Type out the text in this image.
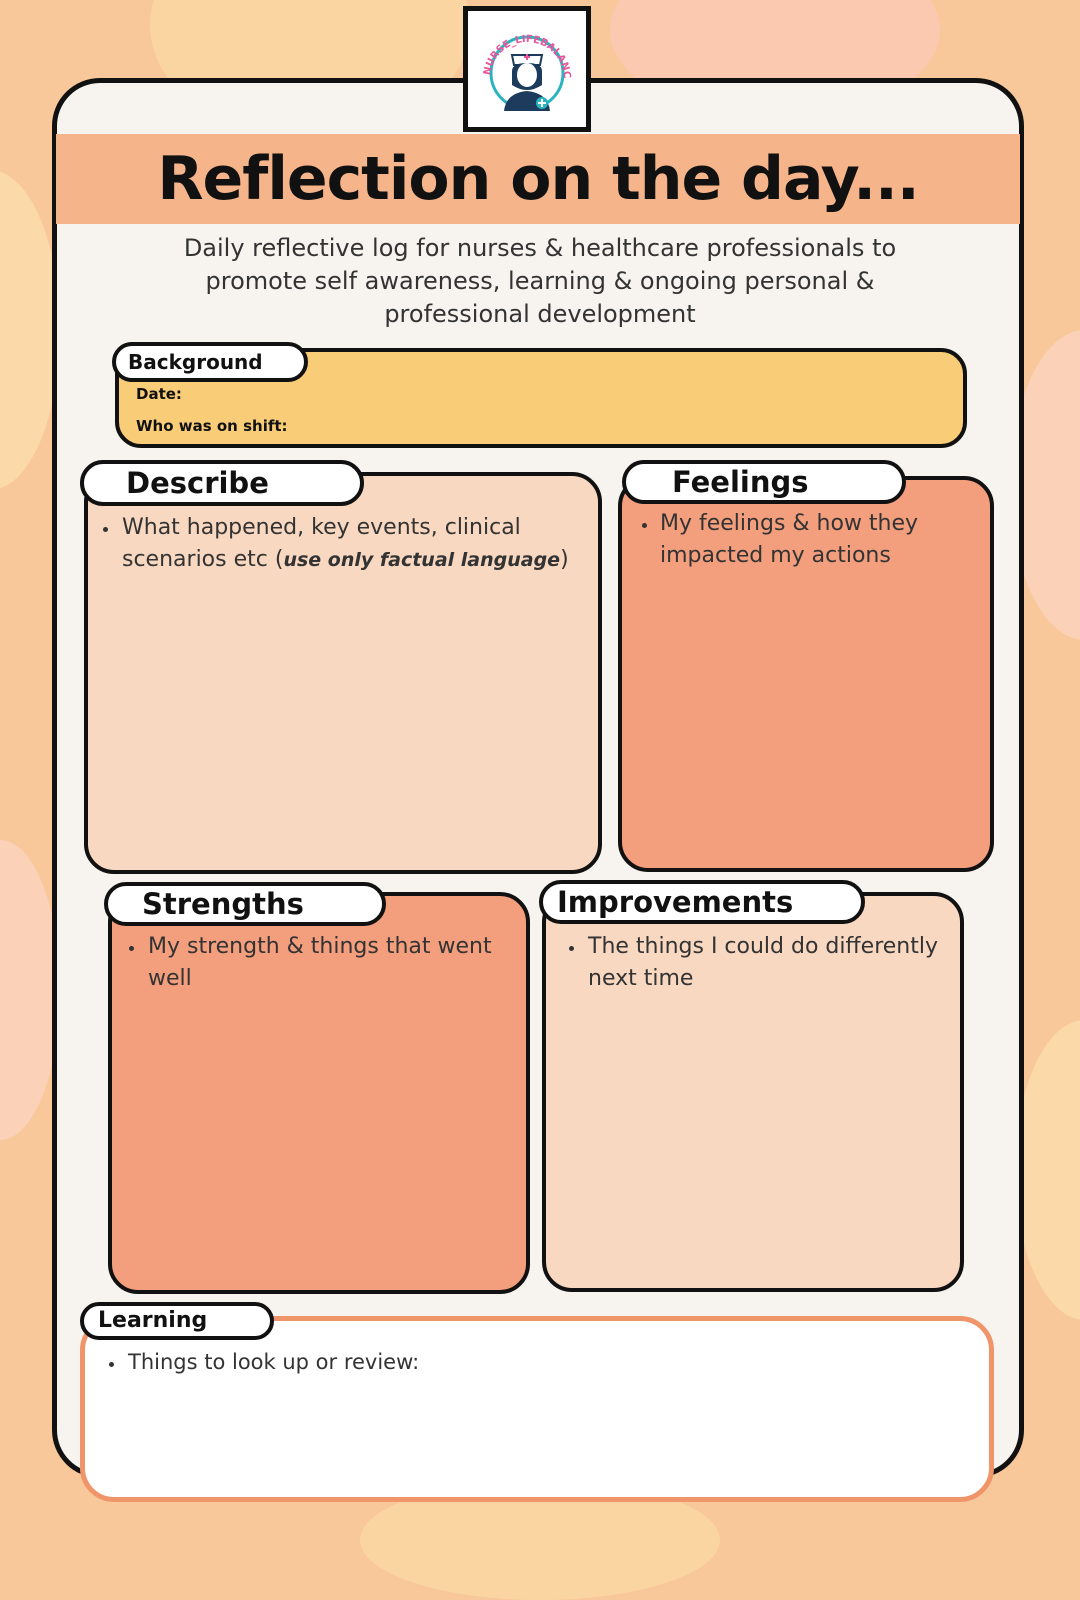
NURSE_LIFEBALANC
Reflection on the day...
Daily reflective log for nurses & healthcare professionals to
promote self awareness, learning & ongoing personal &
professional development
Background
Date:
Who was on shift:
Describe
What happened, key events, clinical
scenarios etc (use only factual language)
Feelings
My feelings & how they
impacted my actions
Strengths
My strength & things that went
well
Improvements
The things I could do differently
next time
Learning
Things to look up or review:
